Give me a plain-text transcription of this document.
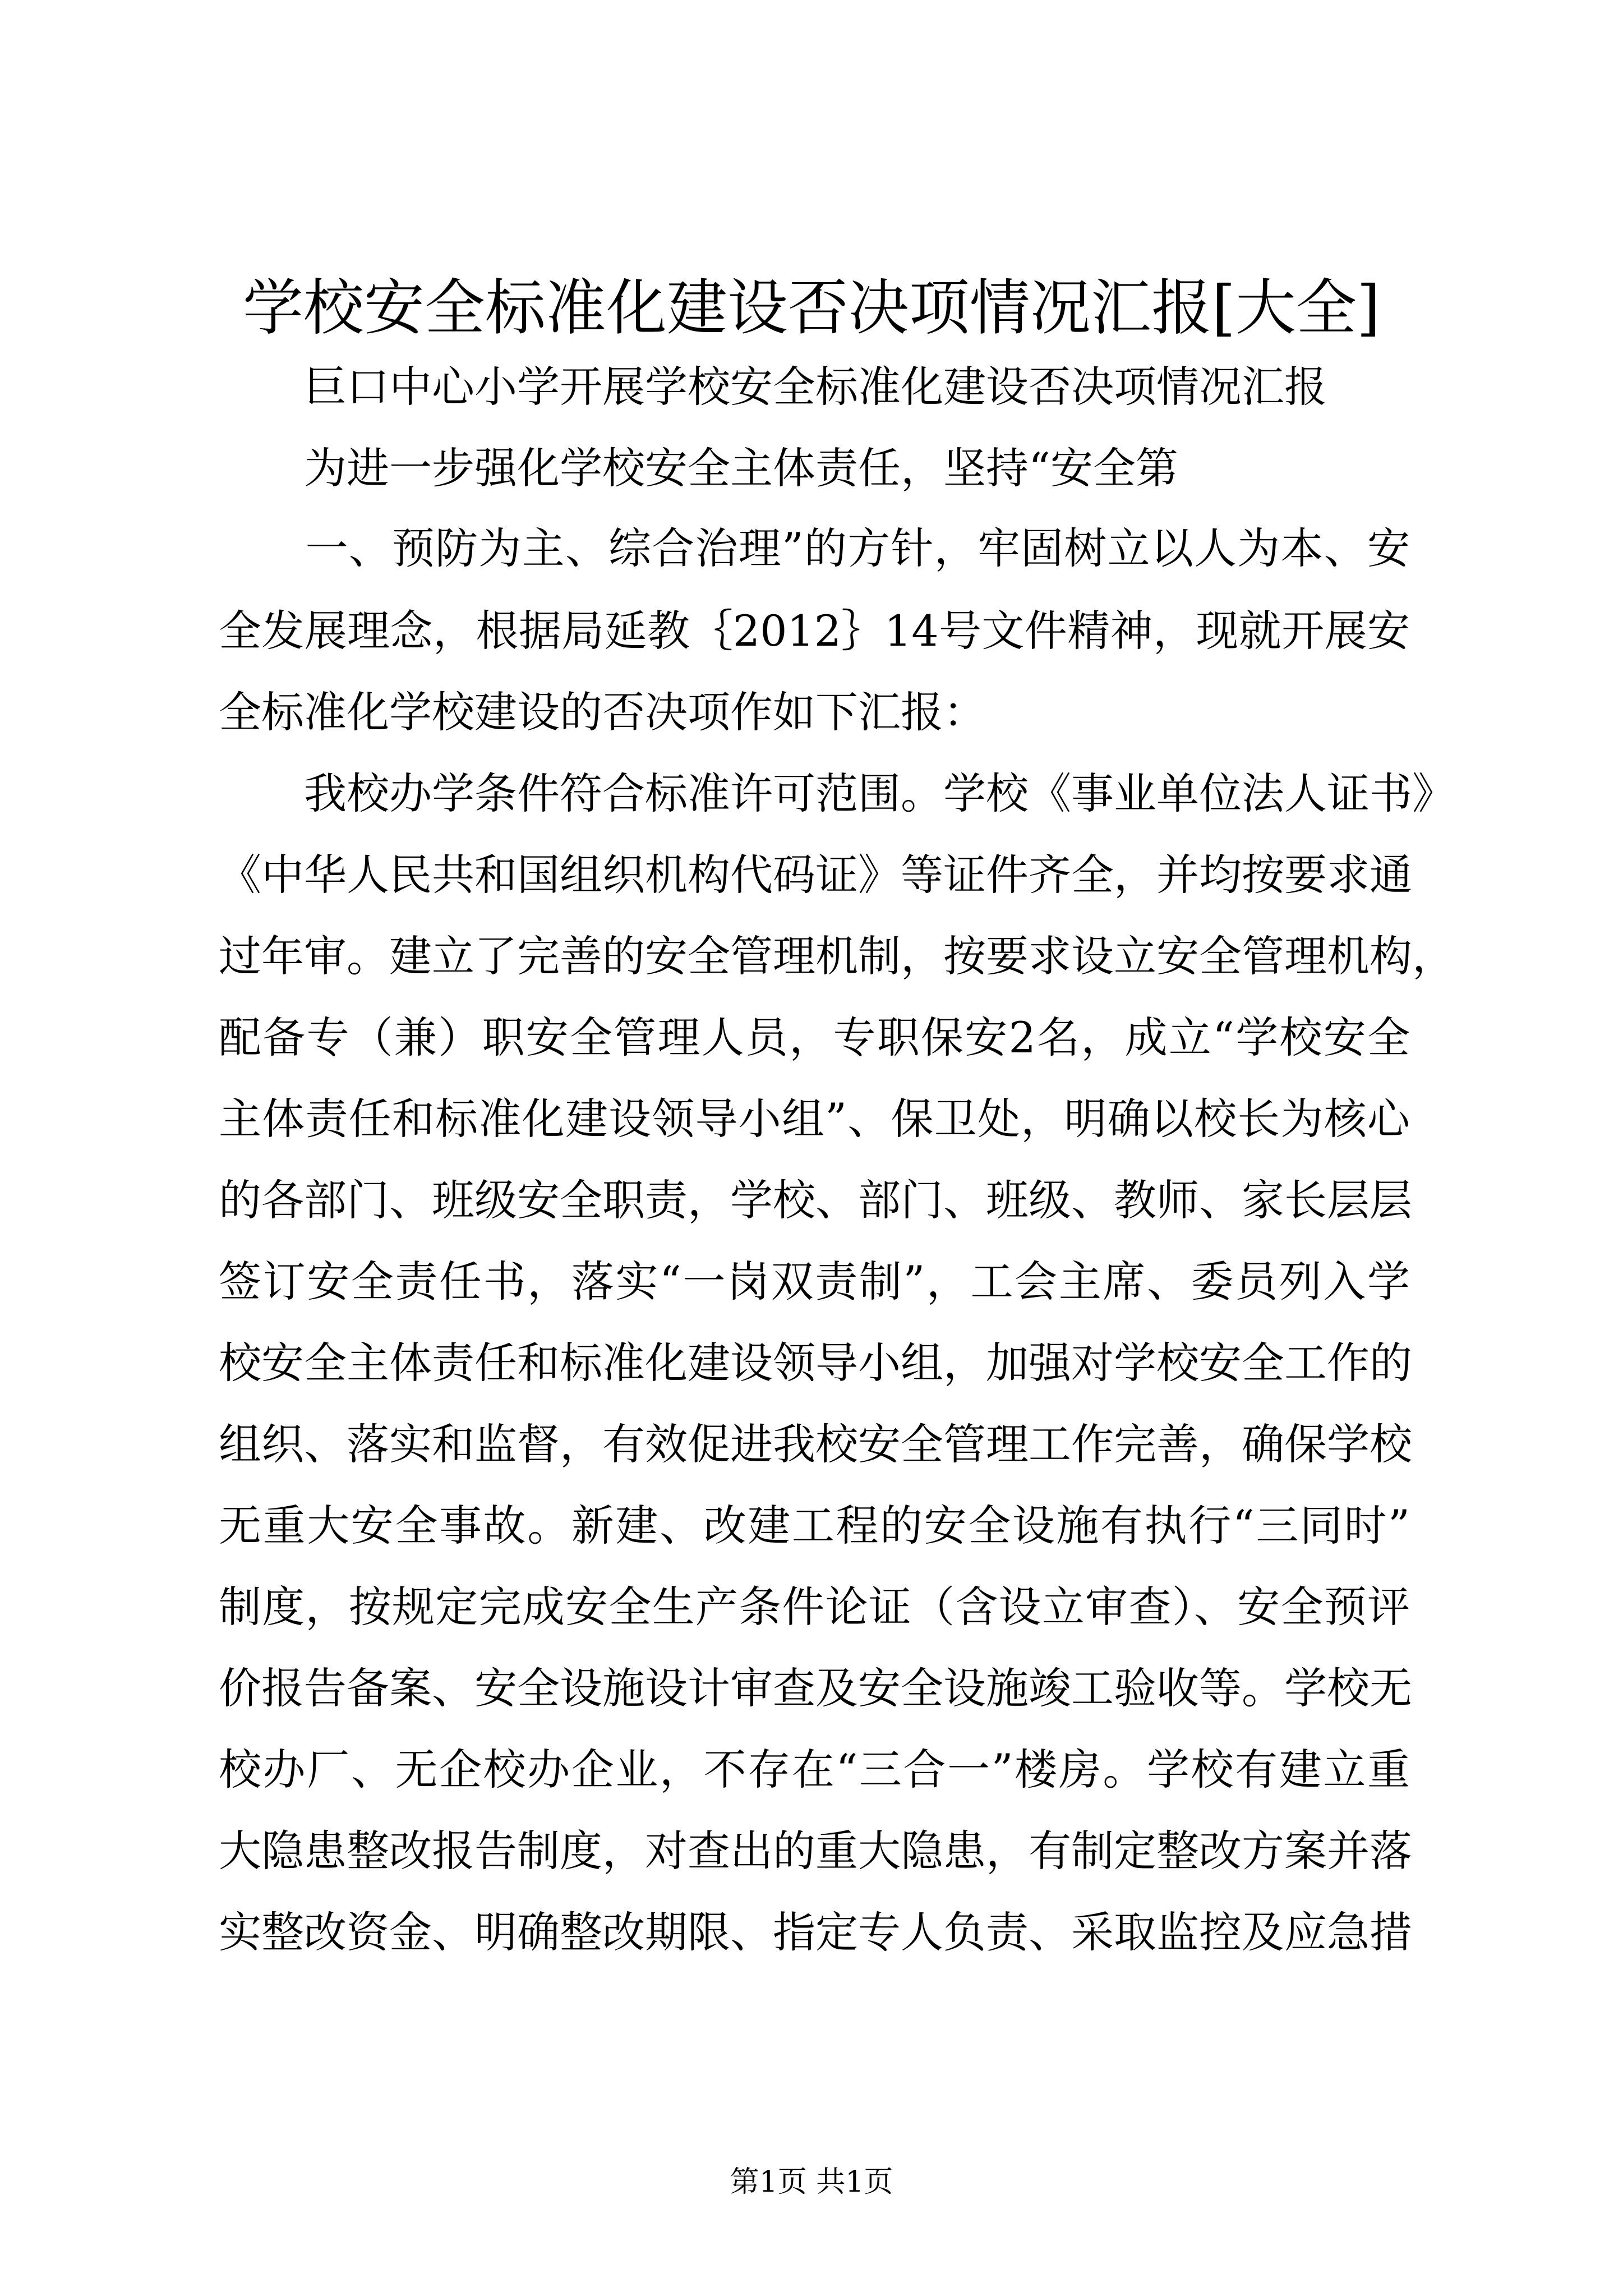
学校安全标准化建设否决项情况汇报[大全]
　　巨口中心小学开展学校安全标准化建设否决项情况汇报
　　为进一步强化学校安全主体责任，坚持“安全第
　　一、预防为主、综合治理”的方针，牢固树立以人为本、安
全发展理念，根据局延教｛2012｝14号文件精神，现就开展安
全标准化学校建设的否决项作如下汇报：
　　我校办学条件符合标准许可范围。学校《事业单位法人证书》
《中华人民共和国组织机构代码证》等证件齐全，并均按要求通
过年审。建立了完善的安全管理机制，按要求设立安全管理机构，
配备专（兼）职安全管理人员，专职保安2名，成立“学校安全
主体责任和标准化建设领导小组”、保卫处，明确以校长为核心
的各部门、班级安全职责，学校、部门、班级、教师、家长层层
签订安全责任书，落实“一岗双责制”，工会主席、委员列入学
校安全主体责任和标准化建设领导小组，加强对学校安全工作的
组织、落实和监督，有效促进我校安全管理工作完善，确保学校
无重大安全事故。新建、改建工程的安全设施有执行“三同时”
制度，按规定完成安全生产条件论证（含设立审查）、安全预评
价报告备案、安全设施设计审查及安全设施竣工验收等。学校无
校办厂、无企校办企业，不存在“三合一”楼房。学校有建立重
大隐患整改报告制度，对查出的重大隐患，有制定整改方案并落
实整改资金、明确整改期限、指定专人负责、采取监控及应急措
第1页 共1页
